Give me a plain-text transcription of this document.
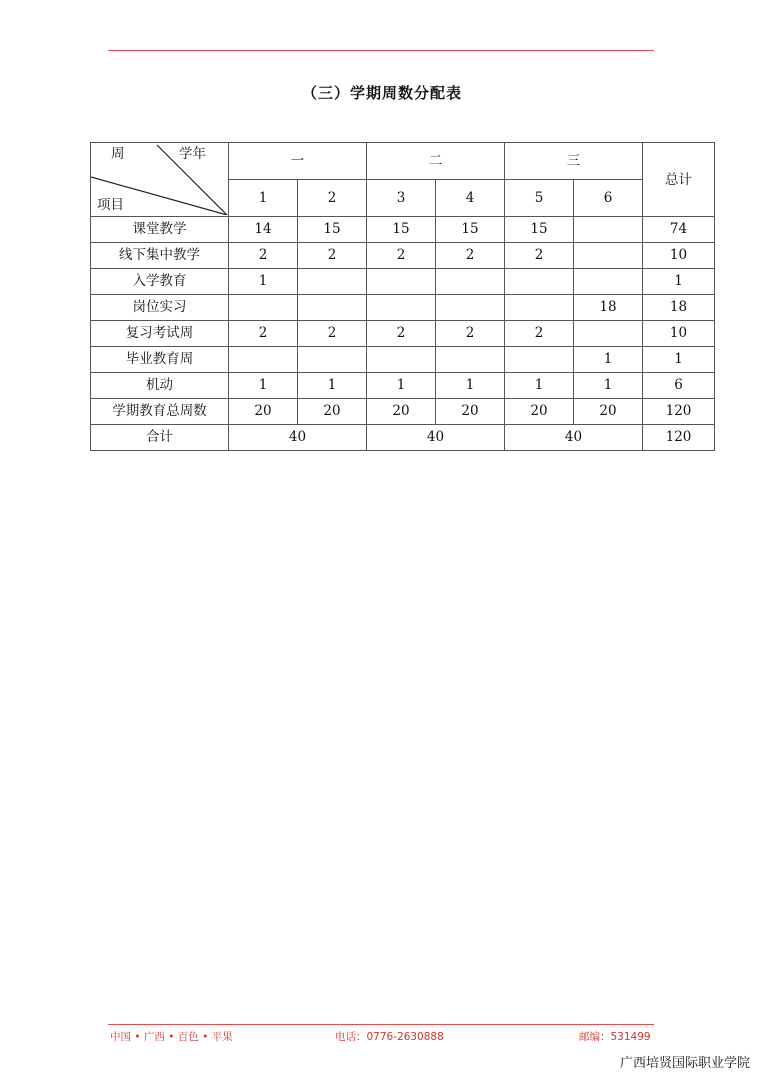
（三）学期周数分配表
周 学年
项目	一		二		三		总计
	1	2	3	4	5	6	
课堂教学	14	15	15	15	15		74
线下集中教学	2	2	2	2	2		10
入学教育	1						1
岗位实习						18	18
复习考试周	2	2	2	2	2		10
毕业教育周						1	1
机动	1	1	1	1	1	1	6
学期教育总周数	20	20	20	20	20	20	120
合计	40		40		40		120
中国 • 广西 • 百色 • 平果	电话：0776-2630888	邮编：531499
广西培贤国际职业学院
